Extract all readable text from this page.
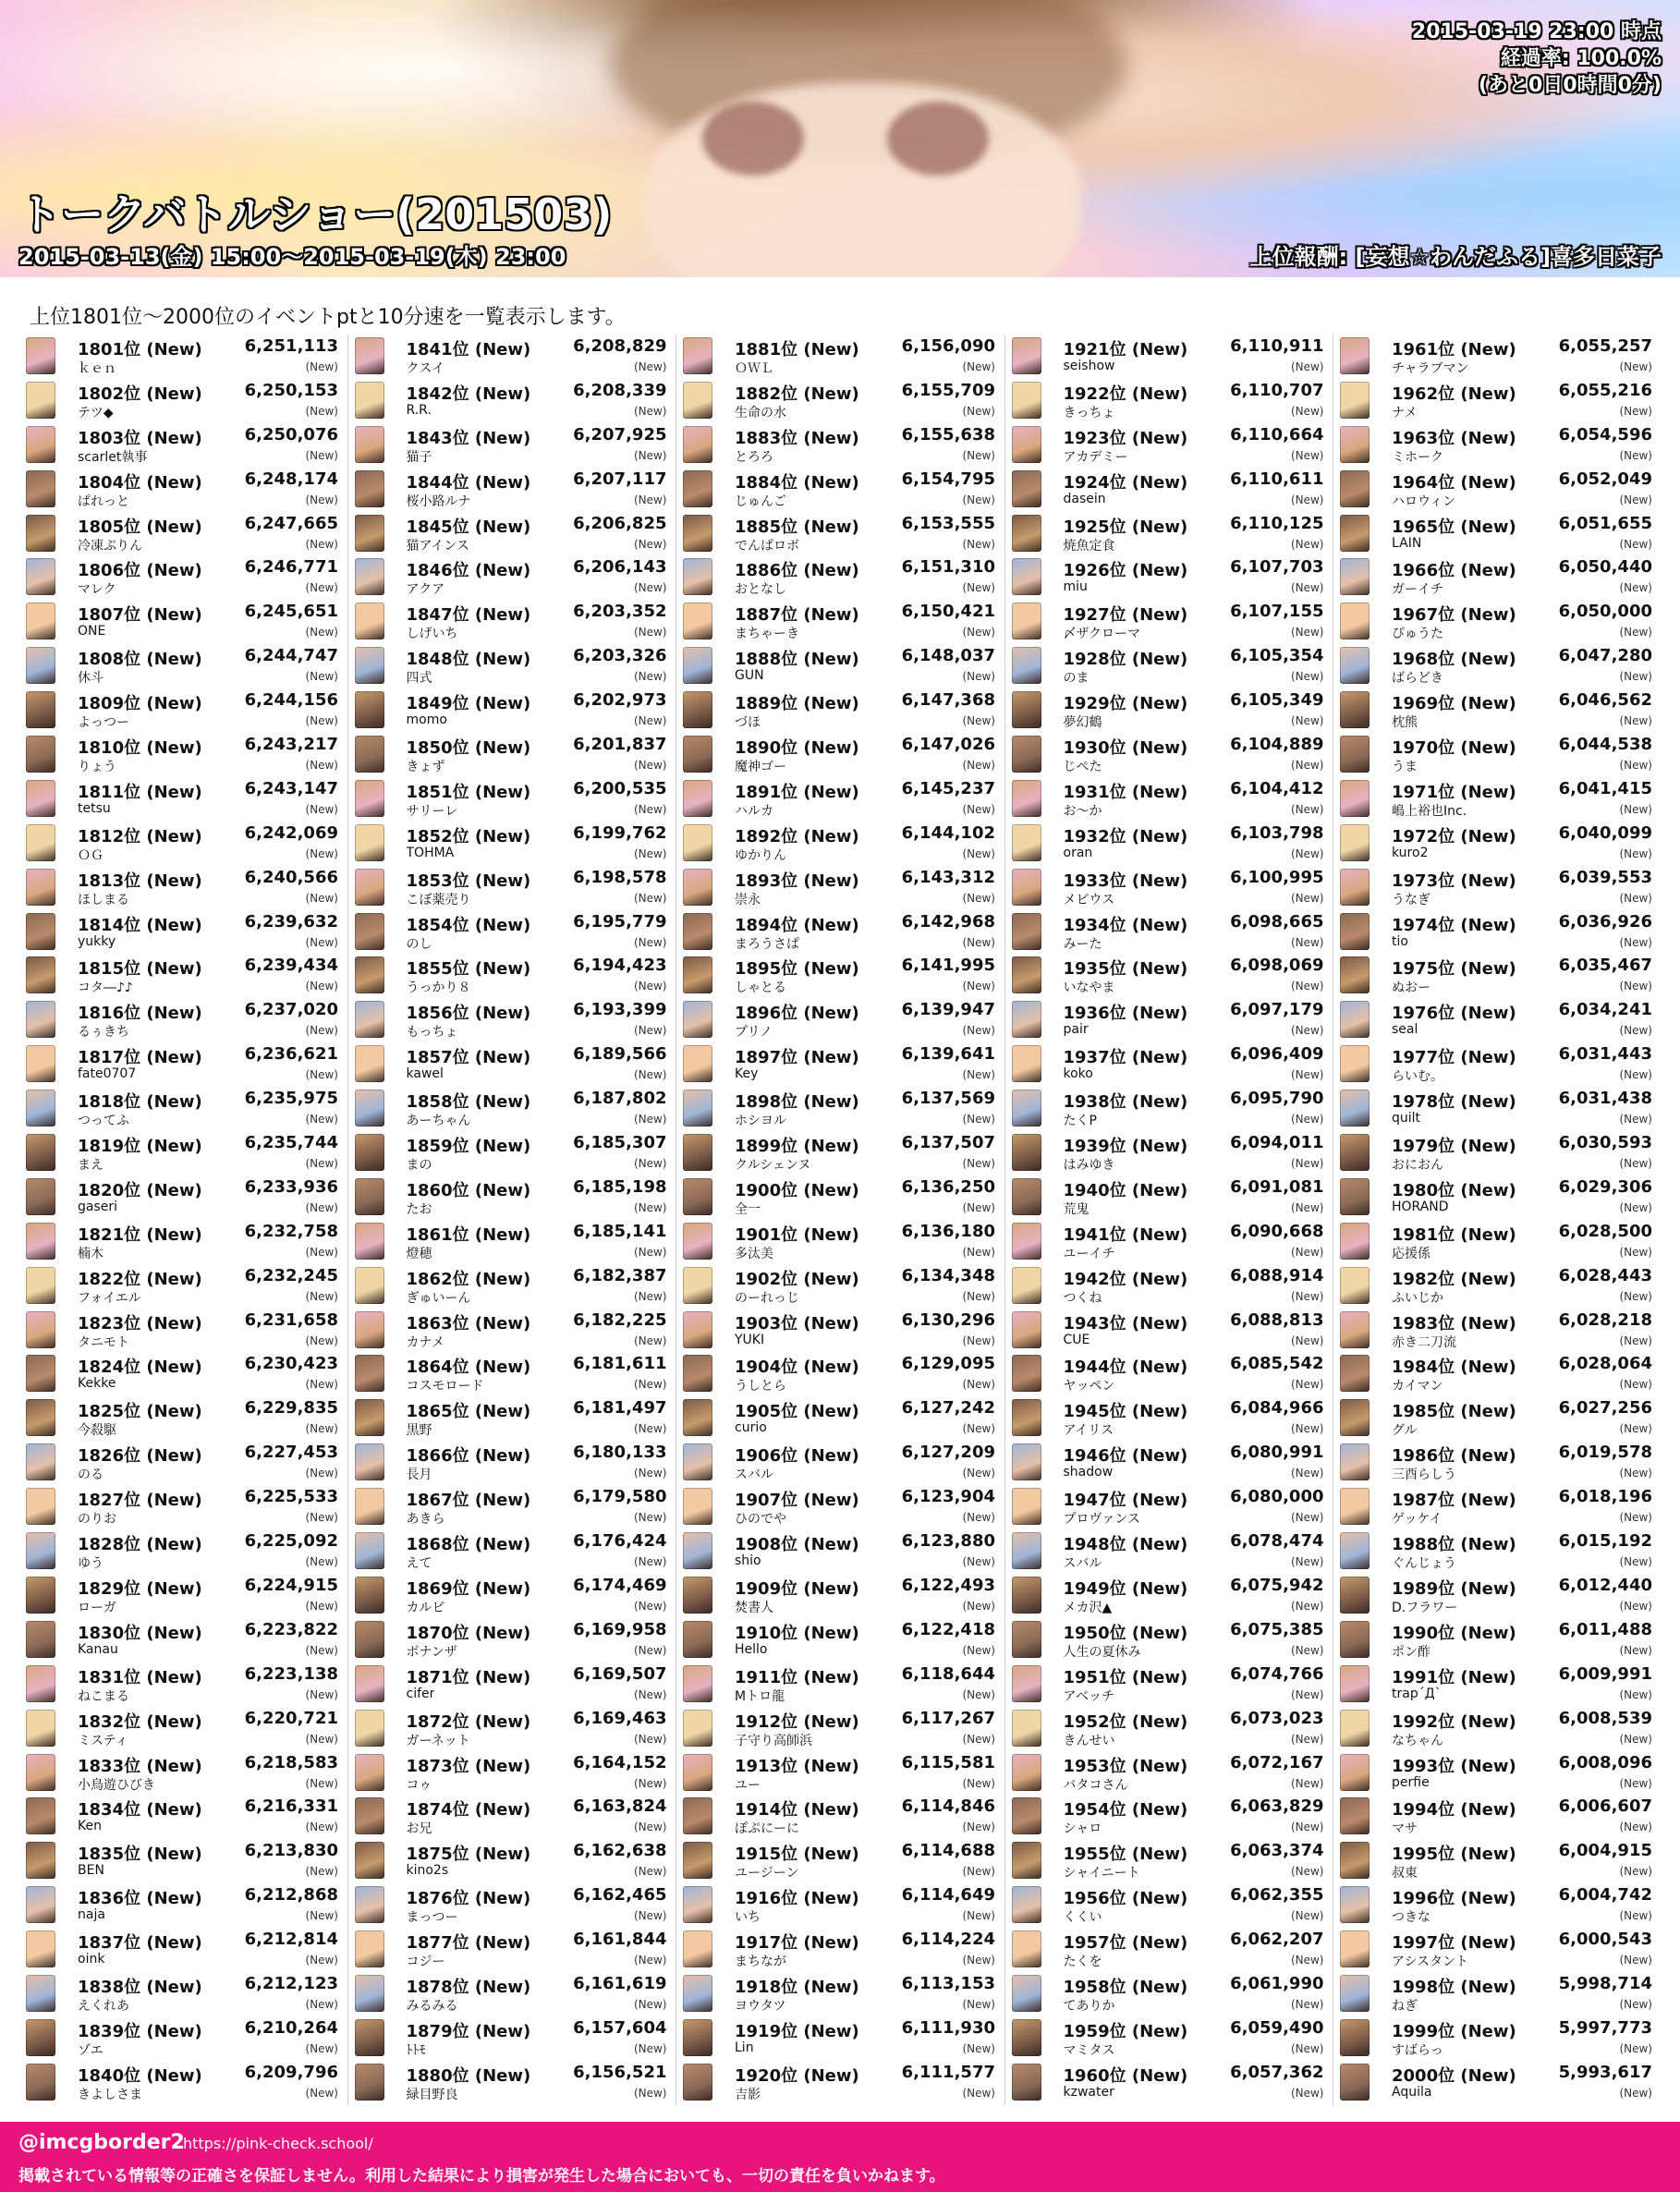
2015-03-19 23:00 時点
経過率: 100.0%
(あと0日0時間0分)
トークバトルショー(201503)
2015-03-13(金) 15:00～2015-03-19(木) 23:00	上位報酬: [妄想☆わんだふる]喜多日菜子
上位1801位～2000位のイベントptと10分速を一覧表示します。
1801位 (New)	6,251,113
ｋｅｎ	(New)
1802位 (New)	6,250,153
テツ◆	(New)
1803位 (New)	6,250,076
scarlet執事	(New)
1804位 (New)	6,248,174
ぱれっと	(New)
1805位 (New)	6,247,665
冷凍ぷりん	(New)
1806位 (New)	6,246,771
マレク	(New)
1807位 (New)	6,245,651
ONE	(New)
1808位 (New)	6,244,747
休斗	(New)
1809位 (New)	6,244,156
よっつー	(New)
1810位 (New)	6,243,217
りょう	(New)
1811位 (New)	6,243,147
tetsu	(New)
1812位 (New)	6,242,069
ＯＧ	(New)
1813位 (New)	6,240,566
ほしまる	(New)
1814位 (New)	6,239,632
yukky	(New)
1815位 (New)	6,239,434
コタ―♪♪	(New)
1816位 (New)	6,237,020
るぅきち	(New)
1817位 (New)	6,236,621
fate0707	(New)
1818位 (New)	6,235,975
つってふ	(New)
1819位 (New)	6,235,744
まえ	(New)
1820位 (New)	6,233,936
gaseri	(New)
1821位 (New)	6,232,758
楠木	(New)
1822位 (New)	6,232,245
フォイエル	(New)
1823位 (New)	6,231,658
タニモト	(New)
1824位 (New)	6,230,423
Kekke	(New)
1825位 (New)	6,229,835
今殺駆	(New)
1826位 (New)	6,227,453
のる	(New)
1827位 (New)	6,225,533
のりお	(New)
1828位 (New)	6,225,092
ゆう	(New)
1829位 (New)	6,224,915
ローガ	(New)
1830位 (New)	6,223,822
Kanau	(New)
1831位 (New)	6,223,138
ねこまる	(New)
1832位 (New)	6,220,721
ミスティ	(New)
1833位 (New)	6,218,583
小鳥遊ひびき	(New)
1834位 (New)	6,216,331
Ken	(New)
1835位 (New)	6,213,830
BEN	(New)
1836位 (New)	6,212,868
naja	(New)
1837位 (New)	6,212,814
oink	(New)
1838位 (New)	6,212,123
えくれあ	(New)
1839位 (New)	6,210,264
ゾエ	(New)
1840位 (New)	6,209,796
きよしさま	(New)
1841位 (New)	6,208,829
クスイ	(New)
1842位 (New)	6,208,339
R.R.	(New)
1843位 (New)	6,207,925
猫子	(New)
1844位 (New)	6,207,117
桜小路ルナ	(New)
1845位 (New)	6,206,825
猫アインス	(New)
1846位 (New)	6,206,143
アクア	(New)
1847位 (New)	6,203,352
しげいち	(New)
1848位 (New)	6,203,326
四式	(New)
1849位 (New)	6,202,973
momo	(New)
1850位 (New)	6,201,837
きょず	(New)
1851位 (New)	6,200,535
サリーレ	(New)
1852位 (New)	6,199,762
TOHMA	(New)
1853位 (New)	6,198,578
こぼ薬売り	(New)
1854位 (New)	6,195,779
のし	(New)
1855位 (New)	6,194,423
うっかり８	(New)
1856位 (New)	6,193,399
もっちょ	(New)
1857位 (New)	6,189,566
kawel	(New)
1858位 (New)	6,187,802
あーちゃん	(New)
1859位 (New)	6,185,307
まの	(New)
1860位 (New)	6,185,198
たお	(New)
1861位 (New)	6,185,141
燈穂	(New)
1862位 (New)	6,182,387
ぎゅいーん	(New)
1863位 (New)	6,182,225
カナメ	(New)
1864位 (New)	6,181,611
コスモロード	(New)
1865位 (New)	6,181,497
黒野	(New)
1866位 (New)	6,180,133
長月	(New)
1867位 (New)	6,179,580
あきら	(New)
1868位 (New)	6,176,424
えて	(New)
1869位 (New)	6,174,469
カルビ	(New)
1870位 (New)	6,169,958
ボナンザ	(New)
1871位 (New)	6,169,507
cifer	(New)
1872位 (New)	6,169,463
ガーネット	(New)
1873位 (New)	6,164,152
コゥ	(New)
1874位 (New)	6,163,824
お兄	(New)
1875位 (New)	6,162,638
kino2s	(New)
1876位 (New)	6,162,465
まっつー	(New)
1877位 (New)	6,161,844
コジー	(New)
1878位 (New)	6,161,619
みるみる	(New)
1879位 (New)	6,157,604
ﾄﾄﾓ	(New)
1880位 (New)	6,156,521
緑目野良	(New)
1881位 (New)	6,156,090
ＯＷＬ	(New)
1882位 (New)	6,155,709
生命の水	(New)
1883位 (New)	6,155,638
とろろ	(New)
1884位 (New)	6,154,795
じゅんご	(New)
1885位 (New)	6,153,555
でんぱロボ	(New)
1886位 (New)	6,151,310
おとなし	(New)
1887位 (New)	6,150,421
まちゃーき	(New)
1888位 (New)	6,148,037
GUN	(New)
1889位 (New)	6,147,368
づほ	(New)
1890位 (New)	6,147,026
魔神ゴー	(New)
1891位 (New)	6,145,237
ハルカ	(New)
1892位 (New)	6,144,102
ゆかりん	(New)
1893位 (New)	6,143,312
崇永	(New)
1894位 (New)	6,142,968
まろうさぱ	(New)
1895位 (New)	6,141,995
しゃとる	(New)
1896位 (New)	6,139,947
プリノ	(New)
1897位 (New)	6,139,641
Key	(New)
1898位 (New)	6,137,569
ホシヨル	(New)
1899位 (New)	6,137,507
クルシェンヌ	(New)
1900位 (New)	6,136,250
全一	(New)
1901位 (New)	6,136,180
多汰美	(New)
1902位 (New)	6,134,348
のーれっじ	(New)
1903位 (New)	6,130,296
YUKI	(New)
1904位 (New)	6,129,095
うしとら	(New)
1905位 (New)	6,127,242
curio	(New)
1906位 (New)	6,127,209
スバル	(New)
1907位 (New)	6,123,904
ひのでや	(New)
1908位 (New)	6,123,880
shio	(New)
1909位 (New)	6,122,493
焚書人	(New)
1910位 (New)	6,122,418
Hello	(New)
1911位 (New)	6,118,644
Mトロ龍	(New)
1912位 (New)	6,117,267
子守り高師浜	(New)
1913位 (New)	6,115,581
ユー	(New)
1914位 (New)	6,114,846
ぽぷにーに	(New)
1915位 (New)	6,114,688
ユージーン	(New)
1916位 (New)	6,114,649
いち	(New)
1917位 (New)	6,114,224
まちなが	(New)
1918位 (New)	6,113,153
ヨウタツ	(New)
1919位 (New)	6,111,930
Lin	(New)
1920位 (New)	6,111,577
吉影	(New)
1921位 (New)	6,110,911
seishow	(New)
1922位 (New)	6,110,707
きっちょ	(New)
1923位 (New)	6,110,664
アカデミー	(New)
1924位 (New)	6,110,611
dasein	(New)
1925位 (New)	6,110,125
焼魚定食	(New)
1926位 (New)	6,107,703
miu	(New)
1927位 (New)	6,107,155
〆ザクローマ	(New)
1928位 (New)	6,105,354
のま	(New)
1929位 (New)	6,105,349
夢幻鶴	(New)
1930位 (New)	6,104,889
じぺた	(New)
1931位 (New)	6,104,412
お～か	(New)
1932位 (New)	6,103,798
oran	(New)
1933位 (New)	6,100,995
メビウス	(New)
1934位 (New)	6,098,665
みーた	(New)
1935位 (New)	6,098,069
いなやま	(New)
1936位 (New)	6,097,179
pair	(New)
1937位 (New)	6,096,409
koko	(New)
1938位 (New)	6,095,790
たくP	(New)
1939位 (New)	6,094,011
はみゆき	(New)
1940位 (New)	6,091,081
荒鬼	(New)
1941位 (New)	6,090,668
ユーイチ	(New)
1942位 (New)	6,088,914
つくね	(New)
1943位 (New)	6,088,813
CUE	(New)
1944位 (New)	6,085,542
ヤッペン	(New)
1945位 (New)	6,084,966
アイリス	(New)
1946位 (New)	6,080,991
shadow	(New)
1947位 (New)	6,080,000
プロヴァンス	(New)
1948位 (New)	6,078,474
スバル	(New)
1949位 (New)	6,075,942
メカ沢▲	(New)
1950位 (New)	6,075,385
人生の夏休み	(New)
1951位 (New)	6,074,766
アベッチ	(New)
1952位 (New)	6,073,023
きんせい	(New)
1953位 (New)	6,072,167
バタコさん	(New)
1954位 (New)	6,063,829
シャロ	(New)
1955位 (New)	6,063,374
シャイニート	(New)
1956位 (New)	6,062,355
くくい	(New)
1957位 (New)	6,062,207
たくを	(New)
1958位 (New)	6,061,990
てありか	(New)
1959位 (New)	6,059,490
マミタス	(New)
1960位 (New)	6,057,362
kzwater	(New)
1961位 (New)	6,055,257
チャラブマン	(New)
1962位 (New)	6,055,216
ナメ	(New)
1963位 (New)	6,054,596
ミホーク	(New)
1964位 (New)	6,052,049
ハロウィン	(New)
1965位 (New)	6,051,655
LAIN	(New)
1966位 (New)	6,050,440
ガーイチ	(New)
1967位 (New)	6,050,000
ぴゅうた	(New)
1968位 (New)	6,047,280
ばらどき	(New)
1969位 (New)	6,046,562
枕熊	(New)
1970位 (New)	6,044,538
うま	(New)
1971位 (New)	6,041,415
嶋上裕也Inc.	(New)
1972位 (New)	6,040,099
kuro2	(New)
1973位 (New)	6,039,553
うなぎ	(New)
1974位 (New)	6,036,926
tio	(New)
1975位 (New)	6,035,467
ぬおー	(New)
1976位 (New)	6,034,241
seal	(New)
1977位 (New)	6,031,443
らいむ。	(New)
1978位 (New)	6,031,438
quilt	(New)
1979位 (New)	6,030,593
おにおん	(New)
1980位 (New)	6,029,306
HORAND	(New)
1981位 (New)	6,028,500
応援係	(New)
1982位 (New)	6,028,443
ふいじか	(New)
1983位 (New)	6,028,218
赤き二刀流	(New)
1984位 (New)	6,028,064
カイマン	(New)
1985位 (New)	6,027,256
グル	(New)
1986位 (New)	6,019,578
三酉らしう	(New)
1987位 (New)	6,018,196
ゲッケイ	(New)
1988位 (New)	6,015,192
ぐんじょう	(New)
1989位 (New)	6,012,440
D.フラワー	(New)
1990位 (New)	6,011,488
ポン酢	(New)
1991位 (New)	6,009,991
trap´Д`	(New)
1992位 (New)	6,008,539
なちゃん	(New)
1993位 (New)	6,008,096
perfie	(New)
1994位 (New)	6,006,607
マサ	(New)
1995位 (New)	6,004,915
叔東	(New)
1996位 (New)	6,004,742
つきな	(New)
1997位 (New)	6,000,543
アシスタント	(New)
1998位 (New)	5,998,714
ねぎ	(New)
1999位 (New)	5,997,773
すばらっ	(New)
2000位 (New)	5,993,617
Aquila	(New)
@imcgborder2
https://pink-check.school/
掲載されている情報等の正確さを保証しません。利用した結果により損害が発生した場合においても、一切の責任を負いかねます。
